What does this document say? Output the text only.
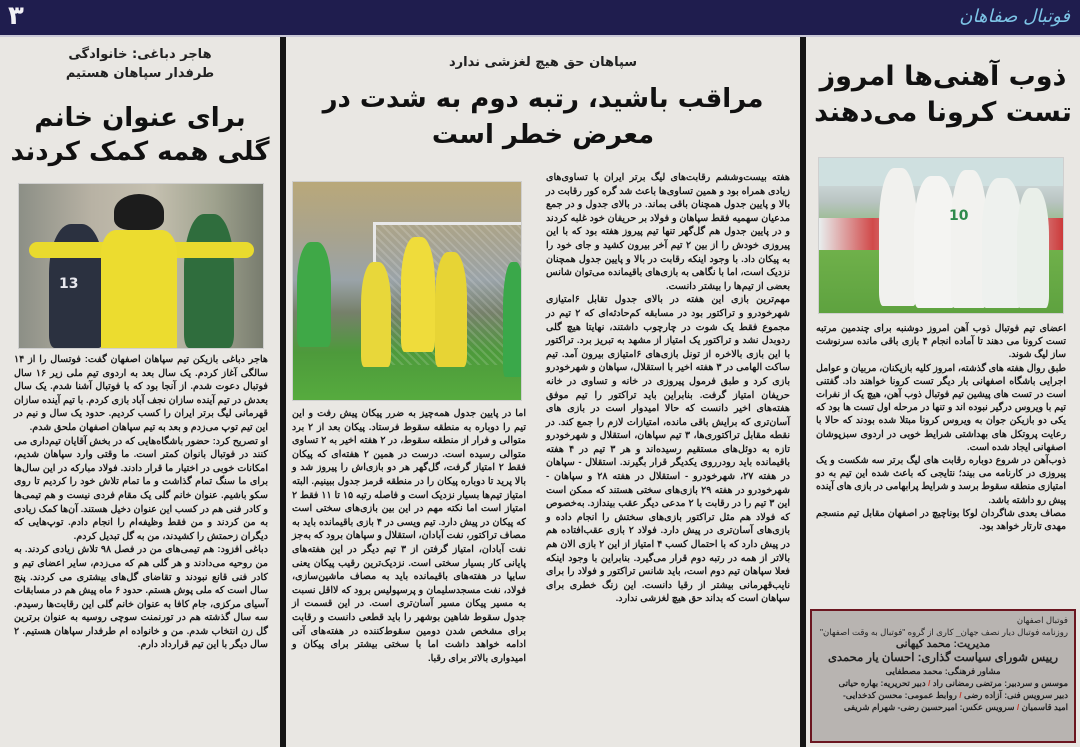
۳	فوتبال صفاهان
ذوب آهنی‌ها امروز تست کرونا می‌دهند
10

اعضای تیم فوتبال ذوب آهن امروز دوشنبه برای چندمین مرتبه تست کرونا می دهند تا آماده انجام ۴ بازی باقی مانده سرنوشت ساز لیگ شوند.

طبق روال هفته های گذشته، امروز کلیه بازیکنان، مربیان و عوامل اجرایی باشگاه اصفهانی بار دیگر تست کرونا خواهند داد. گفتنی است در تست های پیشین تیم فوتبال ذوب آهن، هیچ یک از نفرات تیم با ویروس درگیر نبوده اند و تنها در مرحله اول تست ها بود که یکی دو بازیکن جوان به ویروس کرونا مبتلا شده بودند که حالا با رعایت پروتکل های بهداشتی شرایط خوبی در اردوی سبزپوشان اصفهانی ایجاد شده است.

ذوب‌آهن در شروع دوباره رقابت های لیگ برتر سه شکست و یک پیروزی در کارنامه می بیند؛ نتایجی که باعث شده این تیم به دو امتیازی منطقه سقوط برسد و شرایط پرابهامی در بازی های آینده پیش رو داشته باشد.

مصاف بعدی شاگردان لوکا بوناچیچ در اصفهان مقابل تیم منسجم مهدی تارتار خواهد بود.

فوتبال اصفهان

روزنامه فوتبال دیار نصف جهان_ کاری از گروه "فوتبال به وقت اصفهان"

مدیریت: محمد کیهانی

رییس شورای سیاست گذاری: احسان یار محمدی

مشاور فرهنگی: محمد مصطفایی

موسس و سردبیر: مرتضی رمضانی راد / دبیر تحریریه: بهاره حیاتی

دبیر سرویس فنی: آزاده رضی / روابط عمومی: محسن کدخدایی-

امید قاسمیان / سرویس عکس: امیرحسین رضی- شهرام شریفی

سپاهان حق هیچ لغزشی ندارد
مراقب باشید، رتبه دوم به شدت در معرض خطر است

هفته بیست‌وششم رقابت‌های لیگ برتر ایران با تساوی‌های زیادی همراه بود و همین تساوی‌ها باعث شد گره کور رقابت در بالا و پایین جدول همچنان باقی بماند. در بالای جدول و در جمع مدعیان سهمیه فقط سپاهان و فولاد بر حریفان خود غلبه کردند و در پایین جدول هم گل‌گهر تنها تیم پیروز هفته بود که با این پیروزی خودش را از بین ۲ تیم آخر بیرون کشید و جای خود را به پیکان داد. با وجود اینکه رقابت در بالا و پایین جدول همچنان نزدیک است، اما با نگاهی به بازی‌های باقیمانده می‌توان شانس بعضی از تیم‌ها را بیشتر دانست.

مهم‌ترین بازی این هفته در بالای جدول تقابل ۶امتیازی شهرخودرو و تراکتور بود در مسابقه کم‌حادثه‌ای که ۲ تیم در مجموع فقط یک شوت در چارچوب داشتند، نهایتا هیچ گلی ردوبدل نشد و تراکتور یک امتیاز از مشهد به تبریز برد. تراکتور با این بازی بالاخره از تونل بازی‌های ۶امتیازی بیرون آمد. تیم ساکت الهامی در ۳ هفته اخیر با استقلال، سپاهان و شهرخودرو بازی کرد و طبق فرمول پیروزی در خانه و تساوی در خانه حریفان امتیاز گرفت. بنابراین باید تراکتور را تیم موفق هفته‌های اخیر دانست که حالا امیدوار است در بازی های آسان‌تری که برایش باقی مانده، امتیازات لازم را جمع کند. در نقطه مقابل تراکتوری‌ها، ۳ تیم سپاهان، استقلال و شهرخودرو تازه به دوئل‌های مستقیم رسیده‌اند و هر ۳ تیم در ۴ هفته باقیمانده باید رودرروی یکدیگر قرار بگیرند. استقلال - سپاهان در هفته ۲۷، شهرخودرو - استقلال در هفته ۲۸ و سپاهان - شهرخودرو در هفته ۲۹ بازی‌های سختی هستند که ممکن است این ۳ تیم را در رقابت با ۲ مدعی دیگر عقب بیندازد. به‌خصوص که فولاد هم مثل تراکتور بازی‌های سختش را انجام داده و بازی‌های آسان‌تری در پیش دارد. فولاد ۲ بازی عقب‌افتاده هم در پیش دارد که با احتمال کسب ۴ امتیاز از این ۲ بازی الان هم بالاتر از همه در رتبه دوم قرار می‌گیرد. بنابراین با وجود اینکه فعلا سپاهان تیم دوم است، باید شانس تراکتور و فولاد را برای نایب‌قهرمانی بیشتر از رقبا دانست. این زنگ خطری برای سپاهان است که بداند حق هیچ لغزشی ندارد.

اما در پایین جدول همه‌چیز به ضرر پیکان پیش رفت و این تیم را دوباره به منطقه سقوط فرستاد. پیکان بعد از ۲ برد متوالی و فرار از منطقه سقوط، در ۲ هفته اخیر به ۲ تساوی متوالی رسیده است. درست در همین ۲ هفته‌ای که پیکان فقط ۲ امتیاز گرفت، گل‌گهر هر دو بازی‌اش را پیروز شد و بالا پرید تا دوباره پیکان را در منطقه قرمز جدول ببینیم. البته امتیاز تیم‌ها بسیار نزدیک است و فاصله رتبه ۱۵ تا ۱۱ فقط ۲ امتیاز است اما نکته مهم در این بین بازی‌های سختی است که پیکان در پیش دارد. تیم ویسی در ۴ بازی باقیمانده باید به مصاف تراکتور، نفت آبادان، استقلال و سپاهان برود که به‌جز نفت آبادان، امتیاز گرفتن از ۳ تیم دیگر در این هفته‌های پایانی کار بسیار سختی است. نزدیک‌ترین رقیب پیکان یعنی سایپا در هفته‌های باقیمانده باید به مصاف ماشین‌سازی، فولاد، نفت مسجدسلیمان و پرسپولیس برود که لااقل نسبت به مسیر پیکان مسیر آسان‌تری است. در این قسمت از جدول سقوط شاهین بوشهر را باید قطعی دانست و رقابت برای مشخص شدن دومین سقوط‌کننده در هفته‌های آتی ادامه خواهد داشت اما با سختی بیشتر برای پیکان و امیدواری بالاتر برای رقبا.

هاجر دباغی: خانوادگی
طرفدار سپاهان هستیم
برای عنوان خانم گلی همه کمک کردند
13

هاجر دباغی بازیکن تیم سپاهان اصفهان گفت: فوتسال را از ۱۴ سالگی آغاز کردم. یک سال بعد به اردوی تیم ملی زیر ۱۶ سال فوتبال دعوت شدم. از آنجا بود که با فوتبال آشنا شدم. یک سال بعدش در تیم آینده سازان نجف آباد بازی کردم. با تیم آینده سازان قهرمانی لیگ برتر ایران را کسب کردیم. حدود یک سال و نیم در این تیم توپ می‌زدم و بعد به تیم سپاهان اصفهان ملحق شدم.

او تصریح کرد: حضور باشگاه‌هایی که در بخش آقایان تیم‌داری می کنند در فوتبال بانوان کمتر است. ما وقتی وارد سپاهان شدیم، امکانات خوبی در اختیار ما قرار دادند. فولاد مبارکه در این سال‌ها برای ما سنگ تمام گذاشت و ما تمام تلاش خود را کردیم تا روی سکو باشیم. عنوان خانم گلی یک مقام فردی نیست و هم تیمی‌ها و کادر فنی هم در کسب این عنوان دخیل هستند. آن‌ها کمک زیادی به من کردند و من فقط وظیفه‌ام را انجام دادم. توپ‌هایی که دیگران زحمتش را کشیدند، من به گل تبدیل کردم.

دباغی افزود: هم تیمی‌های من در فصل ۹۸ تلاش زیادی کردند. به من روحیه می‌دادند و هر گلی هم که می‌زدم، سایر اعضای تیم و کادر فنی قانع نبودند و تقاضای گل‌های بیشتری می کردند. پنج سال است که ملی پوش هستم. حدود ۶ ماه پیش هم در مسابقات آسیای مرکزی، جام کافا به عنوان خانم گلی این رقابت‌ها رسیدم. سه سال گذشته هم در تورنمنت سوچی روسیه به عنوان برترین گل زن انتخاب شدم. من و خانواده ام طرفدار سپاهان هستیم. ۲ سال دیگر با این تیم قرارداد دارم.
